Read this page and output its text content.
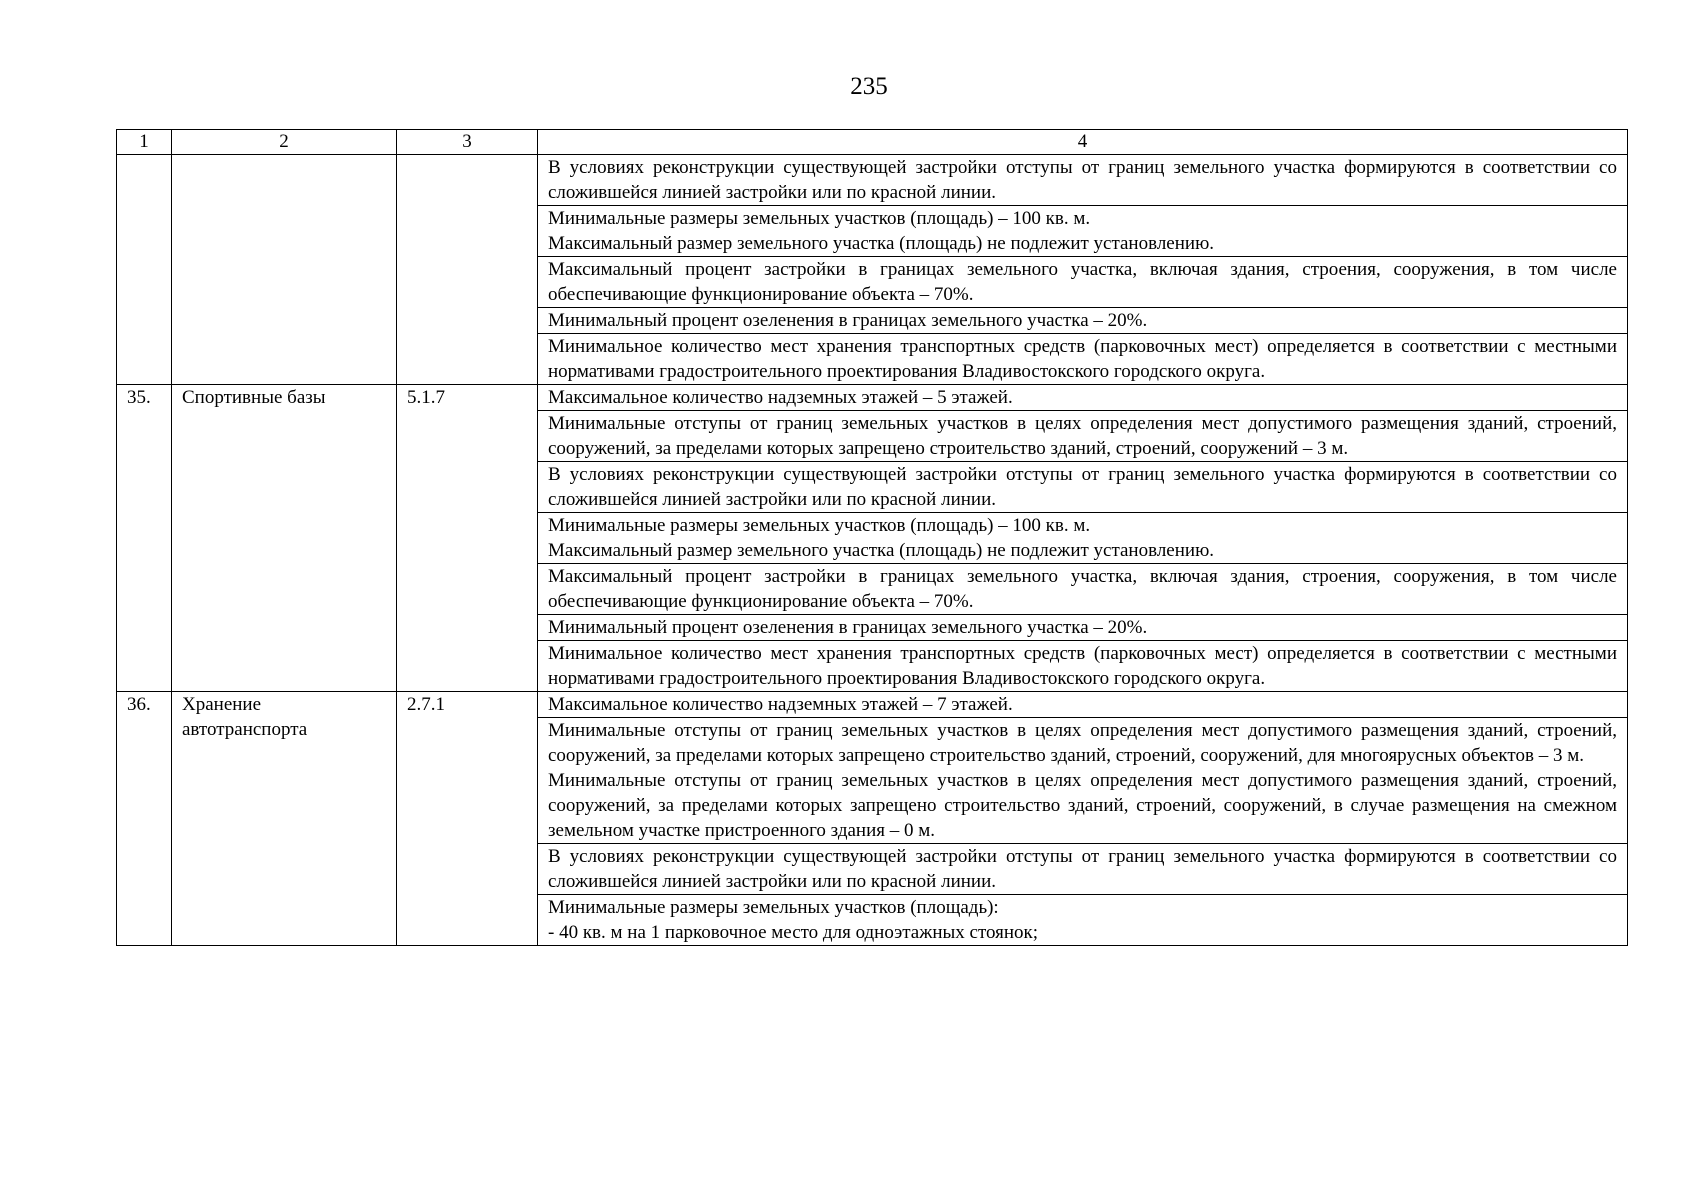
235
1	2	3	4

			В условиях реконструкции существующей застройки отступы от границ земельного участка формируются в соответствии со сложившейся линией застройки или по красной линии.

			Минимальные размеры земельных участков (площадь) – 100 кв. м.
Максимальный размер земельного участка (площадь) не подлежит установлению.

			Максимальный процент застройки в границах земельного участка, включая здания, строения, сооружения, в том числе обеспечивающие функционирование объекта – 70%.

			Минимальный процент озеленения в границах земельного участка – 20%.

			Минимальное количество мест хранения транспортных средств (парковочных мест) определяется в соответствии с местными нормативами градостроительного проектирования Владивостокского городского округа.

35.	Спортивные базы	5.1.7	Максимальное количество надземных этажей – 5 этажей.

			Минимальные отступы от границ земельных участков в целях определения мест допустимого размещения зданий, строений, сооружений, за пределами которых запрещено строительство зданий, строений, сооружений – 3 м.

			В условиях реконструкции существующей застройки отступы от границ земельного участка формируются в соответствии со сложившейся линией застройки или по красной линии.

			Минимальные размеры земельных участков (площадь) – 100 кв. м.
Максимальный размер земельного участка (площадь) не подлежит установлению.

			Максимальный процент застройки в границах земельного участка, включая здания, строения, сооружения, в том числе обеспечивающие функционирование объекта – 70%.

			Минимальный процент озеленения в границах земельного участка – 20%.

			Минимальное количество мест хранения транспортных средств (парковочных мест) определяется в соответствии с местными нормативами градостроительного проектирования Владивостокского городского округа.

36.	Хранение автотранспорта	2.7.1	Максимальное количество надземных этажей – 7 этажей.

			Минимальные отступы от границ земельных участков в целях определения мест допустимого размещения зданий, строений, сооружений, за пределами которых запрещено строительство зданий, строений, сооружений, для многоярусных объектов – 3 м.
Минимальные отступы от границ земельных участков в целях определения мест допустимого размещения зданий, строений, сооружений, за пределами которых запрещено строительство зданий, строений, сооружений, в случае размещения на смежном земельном участке пристроенного здания – 0 м.

			В условиях реконструкции существующей застройки отступы от границ земельного участка формируются в соответствии со сложившейся линией застройки или по красной линии.

			Минимальные размеры земельных участков (площадь):
- 40 кв. м на 1 парковочное место для одноэтажных стоянок;
